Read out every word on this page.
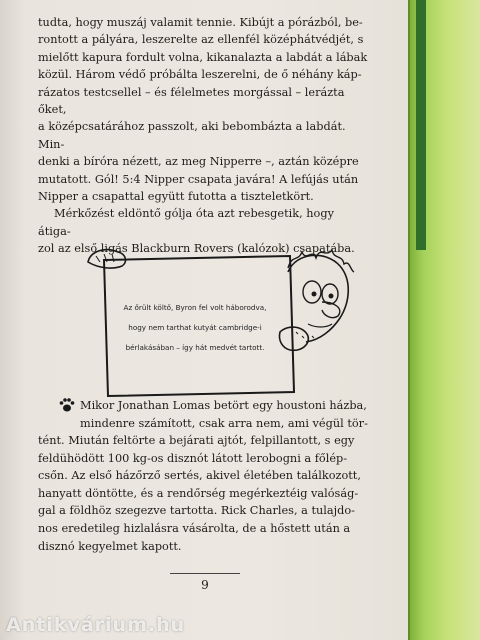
tudta, hogy muszáj valamit tennie. Kibújt a pórázból, be-

rontott a pályára, leszerelte az ellenfél középhátvédjét, s

mielőtt kapura fordult volna, kikanalazta a labdát a lábak

közül. Három védő próbálta leszerelni, de ő néhány káp-

rázatos testcsellel – és félelmetes morgással – lerázta őket,

a középcsatárához passzolt, aki bebombázta a labdát. Min-

denki a bíróra nézett, az meg Nipperre –, aztán középre

mutatott. Gól! 5:4 Nipper csapata javára! A lefújás után

Nipper a csapattal együtt futotta a tiszteletkört.

Mérkőzést eldöntő gólja óta azt rebesgetik, hogy átiga-

zol az első ligás Blackburn Rovers (kalózok) csapatába.

Az őrült költő, Byron fel volt háborodva,

hogy nem tarthat kutyát cambridge-i

bérlakásában – így hát medvét tartott.

Mikor Jonathan Lomas betört egy houstoni házba,

mindenre számított, csak arra nem, ami végül tör-

tént. Miután feltörte a bejárati ajtót, felpillantott, s egy

feldühödött 100 kg-os disznót látott lerobogni a főlép-

csőn. Az első házőrző sertés, akivel életében találkozott,

hanyatt döntötte, és a rendőrség megérkeztéig valóság-

gal a földhöz szegezve tartotta. Rick Charles, a tulajdo-

nos eredetileg hizlalásra vásárolta, de a hőstett után a

disznó kegyelmet kapott.

9
Antikvárium.hu
